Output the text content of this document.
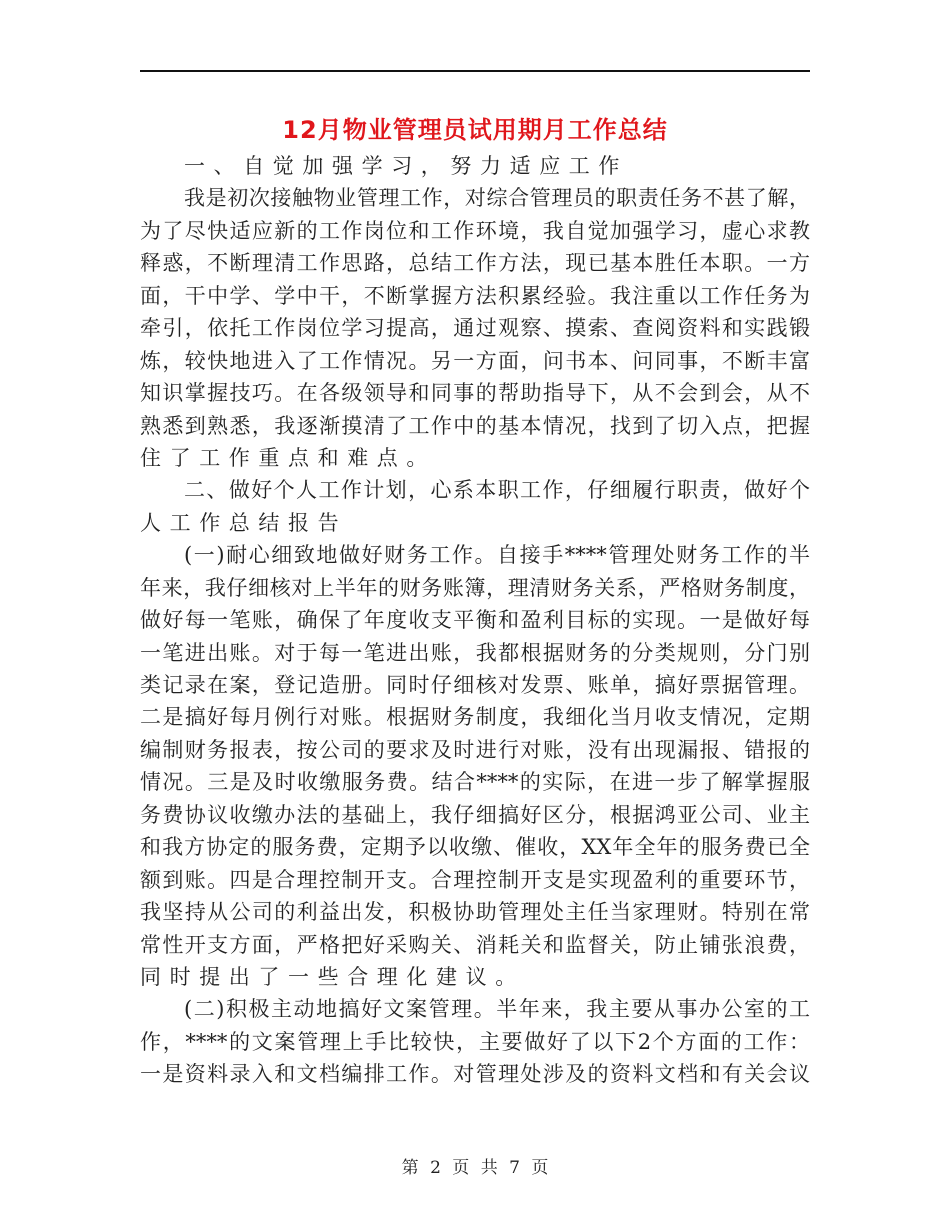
12月物业管理员试用期月工作总结
一、自觉加强学习，努力适应工作
我是初次接触物业管理工作，对综合管理员的职责任务不甚了解，
为了尽快适应新的工作岗位和工作环境，我自觉加强学习，虚心求教
释惑，不断理清工作思路，总结工作方法，现已基本胜任本职。一方
面，干中学、学中干，不断掌握方法积累经验。我注重以工作任务为
牵引，依托工作岗位学习提高，通过观察、摸索、查阅资料和实践锻
炼，较快地进入了工作情况。另一方面，问书本、问同事，不断丰富
知识掌握技巧。在各级领导和同事的帮助指导下，从不会到会，从不
熟悉到熟悉，我逐渐摸清了工作中的基本情况，找到了切入点，把握
住了工作重点和难点。
二、做好个人工作计划，心系本职工作，仔细履行职责，做好个
人工作总结报告
(一)耐心细致地做好财务工作。自接手****管理处财务工作的半
年来，我仔细核对上半年的财务账簿，理清财务关系，严格财务制度，
做好每一笔账，确保了年度收支平衡和盈利目标的实现。一是做好每
一笔进出账。对于每一笔进出账，我都根据财务的分类规则，分门别
类记录在案，登记造册。同时仔细核对发票、账单，搞好票据管理。
二是搞好每月例行对账。根据财务制度，我细化当月收支情况，定期
编制财务报表，按公司的要求及时进行对账，没有出现漏报、错报的
情况。三是及时收缴服务费。结合****的实际，在进一步了解掌握服
务费协议收缴办法的基础上，我仔细搞好区分，根据鸿亚公司、业主
和我方协定的服务费，定期予以收缴、催收，XX年全年的服务费已全
额到账。四是合理控制开支。合理控制开支是实现盈利的重要环节，
我坚持从公司的利益出发，积极协助管理处主任当家理财。特别在常
常性开支方面，严格把好采购关、消耗关和监督关，防止铺张浪费，
同时提出了一些合理化建议。
(二)积极主动地搞好文案管理。半年来，我主要从事办公室的工
作，****的文案管理上手比较快，主要做好了以下2个方面的工作：
一是资料录入和文档编排工作。对管理处涉及的资料文档和有关会议
第 2 页 共 7 页
